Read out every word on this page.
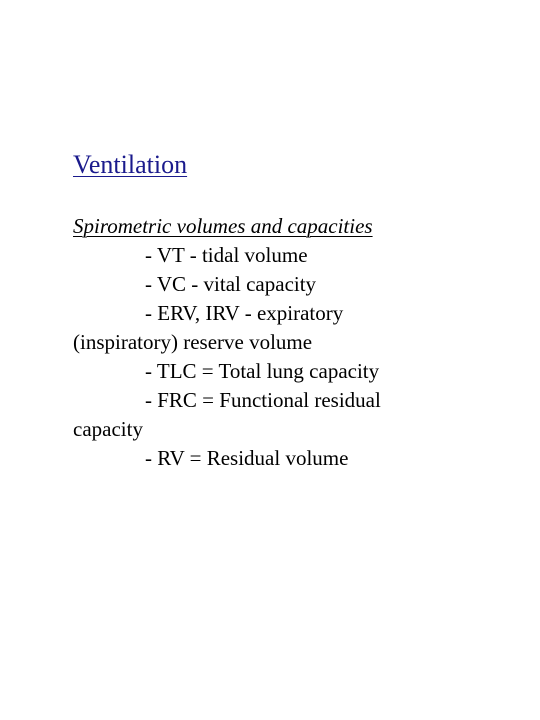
Ventilation
Spirometric volumes and capacities
- VT - tidal volume
- VC - vital capacity
- ERV, IRV - expiratory
(inspiratory) reserve volume
- TLC = Total lung capacity
- FRC = Functional residual
capacity
- RV = Residual volume
